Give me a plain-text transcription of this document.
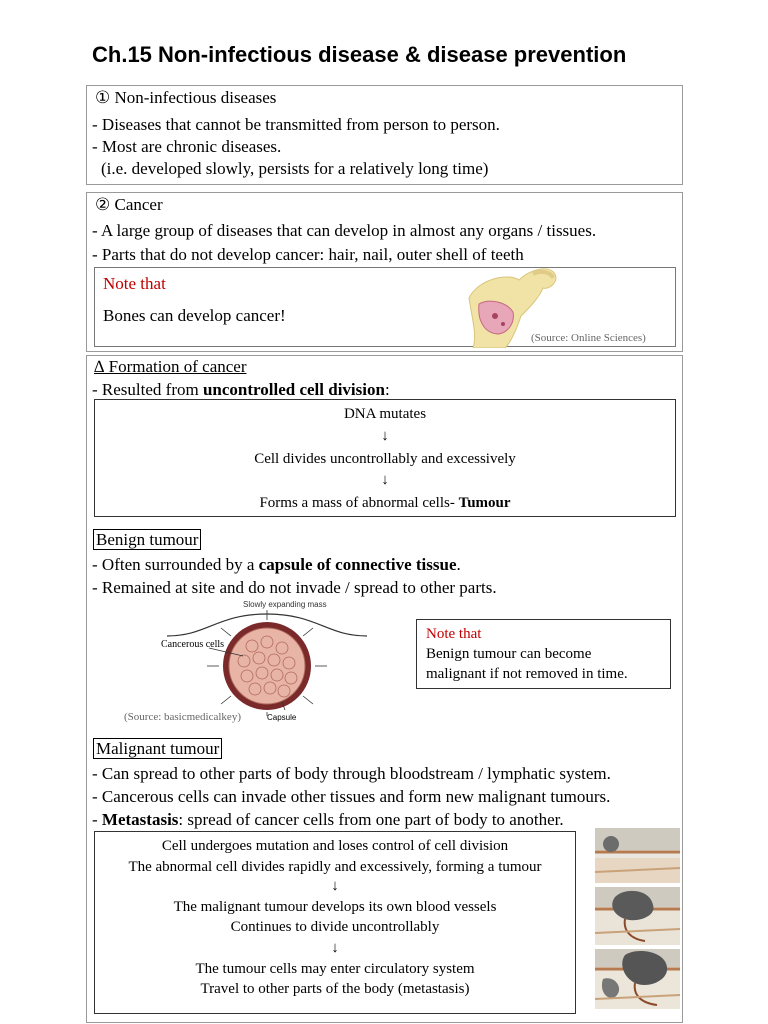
Ch.15 Non-infectious disease & disease prevention
① Non-infectious diseases
- Diseases that cannot be transmitted from person to person.
- Most are chronic diseases.
(i.e. developed slowly, persists for a relatively long time)
② Cancer
- A large group of diseases that can develop in almost any organs / tissues.
- Parts that do not develop cancer: hair, nail, outer shell of teeth
Note that
Bones can develop cancer!
(Source: Online Sciences)
∆ Formation of cancer
- Resulted from uncontrolled cell division:
DNA mutates
↓
Cell divides uncontrollably and excessively
↓
Forms a mass of abnormal cells- Tumour
Benign tumour
- Often surrounded by a capsule of connective tissue.
- Remained at site and do not invade / spread to other parts.
Slowly expanding mass
Cancerous cells
Capsule
(Source: basicmedicalkey)
Note that
Benign tumour can become
malignant if not removed in time.
Malignant tumour
- Can spread to other parts of body through bloodstream / lymphatic system.
- Cancerous cells can invade other tissues and form new malignant tumours.
- Metastasis: spread of cancer cells from one part of body to another.
Cell undergoes mutation and loses control of cell division
The abnormal cell divides rapidly and excessively, forming a tumour
↓
The malignant tumour develops its own blood vessels
Continues to divide uncontrollably
↓
The tumour cells may enter circulatory system
Travel to other parts of the body (metastasis)
